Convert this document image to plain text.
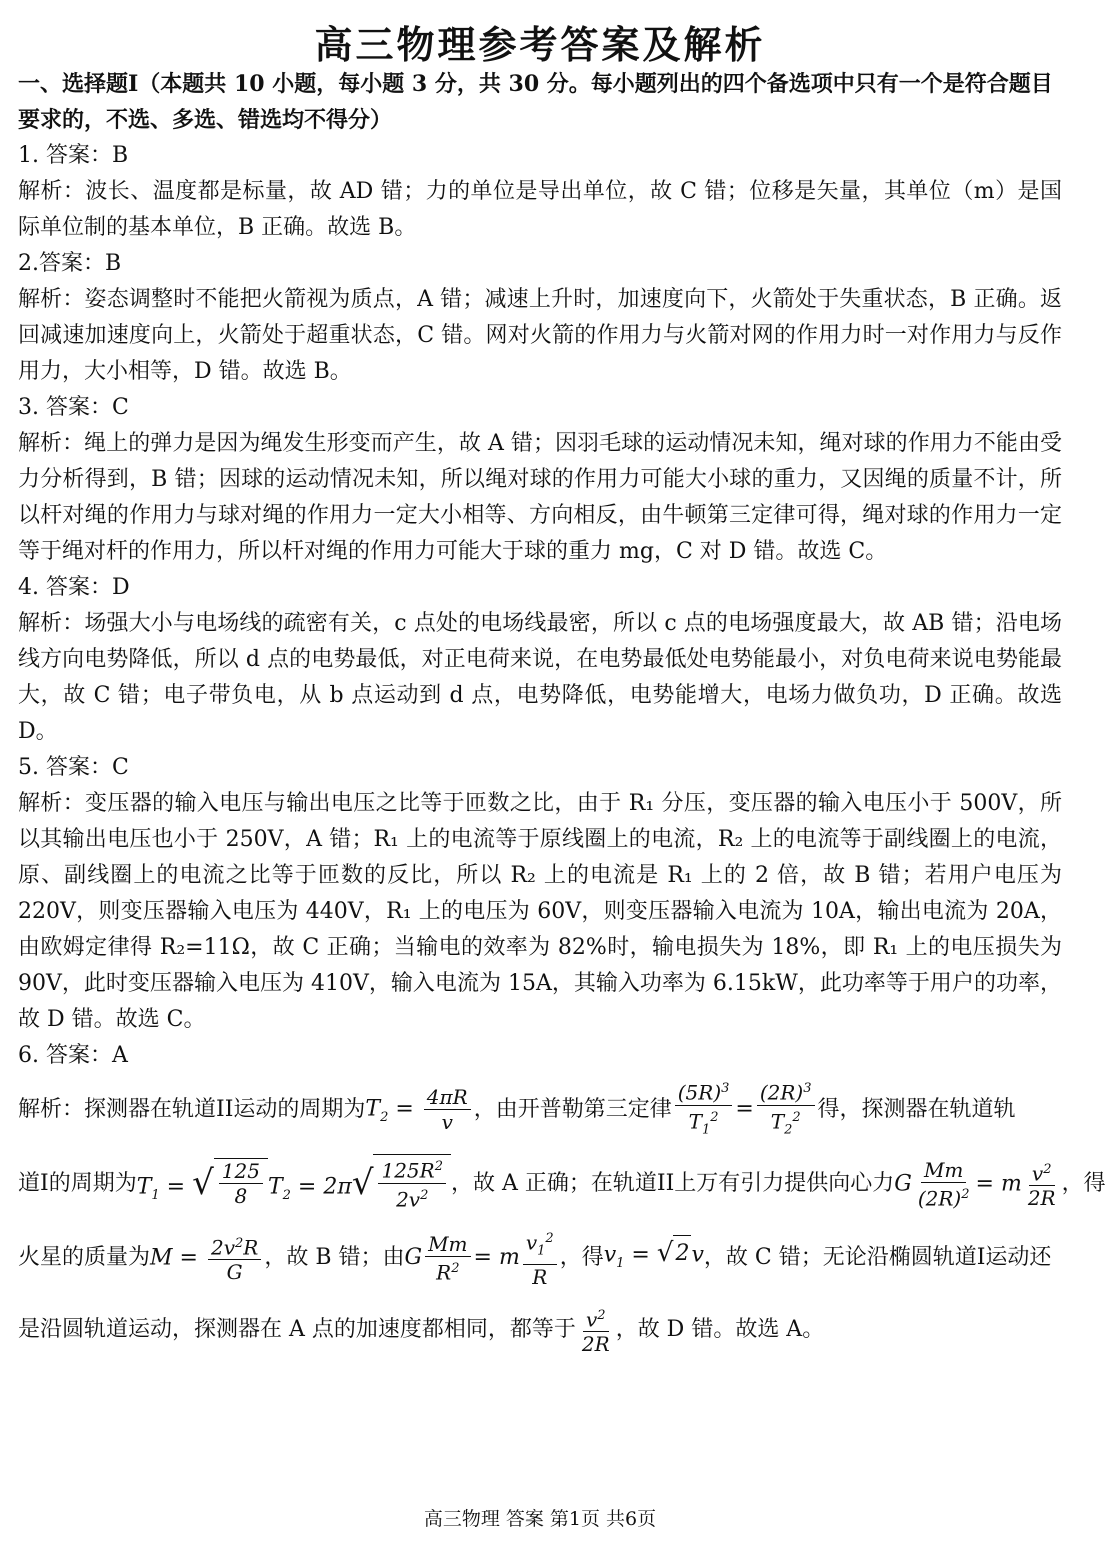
高三物理参考答案及解析

一、选择题I（本题共 10 小题，每小题 3 分，共 30 分。每小题列出的四个备选项中只有一个是符合题目要求的，不选、多选、错选均不得分）

1. 答案：B

解析：波长、温度都是标量，故 AD 错；力的单位是导出单位，故 C 错；位移是矢量，其单位（m）是国际单位制的基本单位，B 正确。故选 B。

2.答案：B

解析：姿态调整时不能把火箭视为质点，A 错；减速上升时，加速度向下，火箭处于失重状态，B 正确。返回减速加速度向上，火箭处于超重状态，C 错。网对火箭的作用力与火箭对网的作用力时一对作用力与反作用力，大小相等，D 错。故选 B。

3. 答案：C

解析：绳上的弹力是因为绳发生形变而产生，故 A 错；因羽毛球的运动情况未知，绳对球的作用力不能由受力分析得到，B 错；因球的运动情况未知，所以绳对球的作用力可能大小球的重力，又因绳的质量不计，所以杆对绳的作用力与球对绳的作用力一定大小相等、方向相反，由牛顿第三定律可得，绳对球的作用力一定等于绳对杆的作用力，所以杆对绳的作用力可能大于球的重力 mg，C 对 D 错。故选 C。

4. 答案：D

解析：场强大小与电场线的疏密有关，c 点处的电场线最密，所以 c 点的电场强度最大，故 AB 错；沿电场线方向电势降低，所以 d 点的电势最低，对正电荷来说，在电势最低处电势能最小，对负电荷来说电势能最大，故 C 错；电子带负电，从 b 点运动到 d 点，电势降低，电势能增大，电场力做负功，D 正确。故选 D。

5. 答案：C

解析：变压器的输入电压与输出电压之比等于匝数之比，由于 R₁ 分压，变压器的输入电压小于 500V，所以其输出电压也小于 250V，A 错；R₁ 上的电流等于原线圈上的电流，R₂ 上的电流等于副线圈上的电流，原、副线圈上的电流之比等于匝数的反比，所以 R₂ 上的电流是 R₁ 上的 2 倍，故 B 错；若用户电压为 220V，则变压器输入电压为 440V，R₁ 上的电压为 60V，则变压器输入电流为 10A，输出电流为 20A，由欧姆定律得 R₂=11Ω，故 C 正确；当输电的效率为 82%时，输电损失为 18%，即 R₁ 上的电压损失为 90V，此时变压器输入电压为 410V，输入电流为 15A，其输入功率为 6.15kW，此功率等于用户的功率，故 D 错。故选 C。

6. 答案：A

解析：探测器在轨道II运动的周期为 $T_2 = \frac{4\pi R}{v}$ ，由开普勒第三定律 $\frac{(5R)^3}{T_1^2} = \frac{(2R)^3}{T_2^2}$ 得，探测器在轨道轨
道I的周期为 $T_1$ = √ $\frac{125}{8} T_2 = 2\pi$ √ $\frac{125R^2}{2v^2}$ ，故 A 正确；在轨道II上万有引力提供向心力 G $\frac{Mm}{(2R)^2} = m \frac{v^2}{2R}$ ，得
火星的质量为 $M = \frac{2v^2R}{G}$ ，故 B 错；由 G $\frac{Mm}{R^2} = m \frac{v_1^2}{R}$ ，得 $v_1$ = √ 2 v ，故 C 错；无论沿椭圆轨道I运动还
是沿圆轨道运动，探测器在 A 点的加速度都相同，都等于 $\frac{v^2}{2R}$ ，故 D 错。故选 A。
高三物理 答案 第1页 共6页
